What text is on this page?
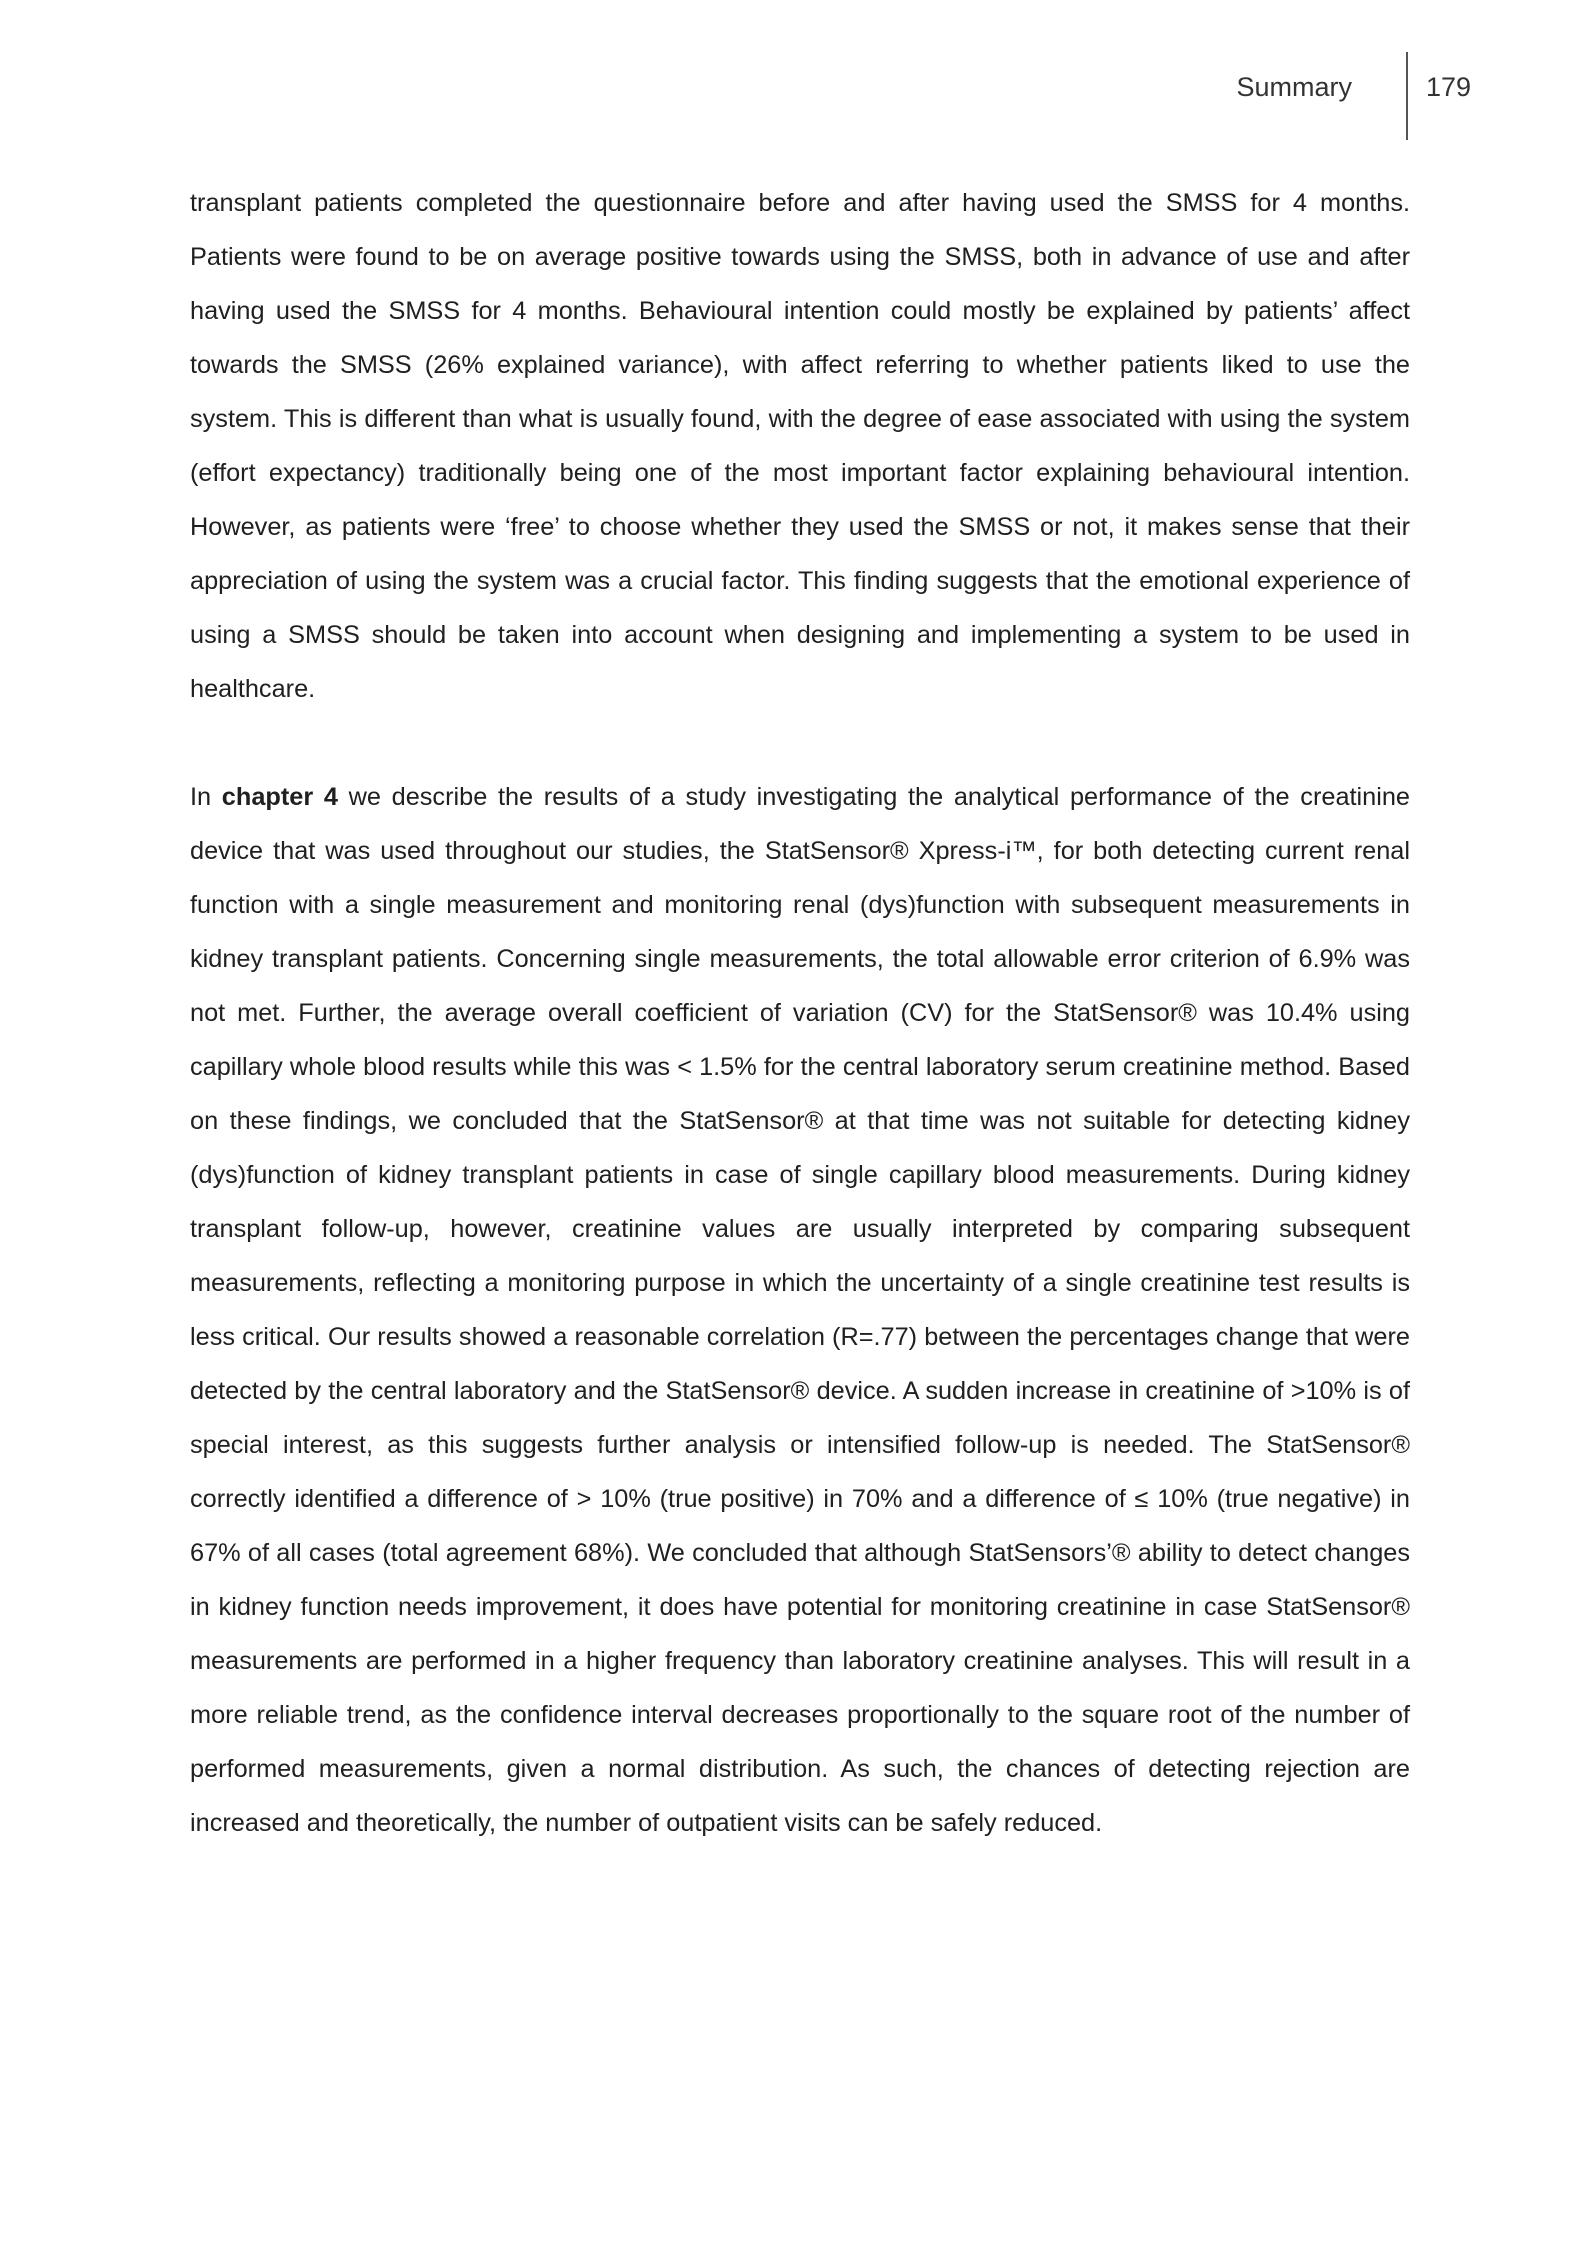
Summary	179

transplant patients completed the questionnaire before and after having used the SMSS for 4 months. Patients were found to be on average positive towards using the SMSS, both in advance of use and after having used the SMSS for 4 months. Behavioural intention could mostly be explained by patients’ affect towards the SMSS (26% explained variance), with affect referring to whether patients liked to use the system. This is different than what is usually found, with the degree of ease associated with using the system (effort expectancy) traditionally being one of the most important factor explaining behavioural intention. However, as patients were ‘free’ to choose whether they used the SMSS or not, it makes sense that their appreciation of using the system was a crucial factor. This finding suggests that the emotional experience of using a SMSS should be taken into account when designing and implementing a system to be used in healthcare.

In chapter 4 we describe the results of a study investigating the analytical performance of the creatinine device that was used throughout our studies, the StatSensor® Xpress-i™, for both detecting current renal function with a single measurement and monitoring renal (dys)function with subsequent measurements in kidney transplant patients. Concerning single measurements, the total allowable error criterion of 6.9% was not met. Further, the average overall coefficient of variation (CV) for the StatSensor® was 10.4% using capillary whole blood results while this was < 1.5% for the central laboratory serum creatinine method. Based on these findings, we concluded that the StatSensor® at that time was not suitable for detecting kidney (dys)function of kidney transplant patients in case of single capillary blood measurements. During kidney transplant follow-up, however, creatinine values are usually interpreted by comparing subsequent measurements, reflecting a monitoring purpose in which the uncertainty of a single creatinine test results is less critical. Our results showed a reasonable correlation (R=.77) between the percentages change that were detected by the central laboratory and the StatSensor® device. A sudden increase in creatinine of >10% is of special interest, as this suggests further analysis or intensified follow-up is needed. The StatSensor® correctly identified a difference of > 10% (true positive) in 70% and a difference of ≤ 10% (true negative) in 67% of all cases (total agreement 68%). We concluded that although StatSensors’® ability to detect changes in kidney function needs improvement, it does have potential for monitoring creatinine in case StatSensor® measurements are performed in a higher frequency than laboratory creatinine analyses. This will result in a more reliable trend, as the confidence interval decreases proportionally to the square root of the number of performed measurements, given a normal distribution. As such, the chances of detecting rejection are increased and theoretically, the number of outpatient visits can be safely reduced.
